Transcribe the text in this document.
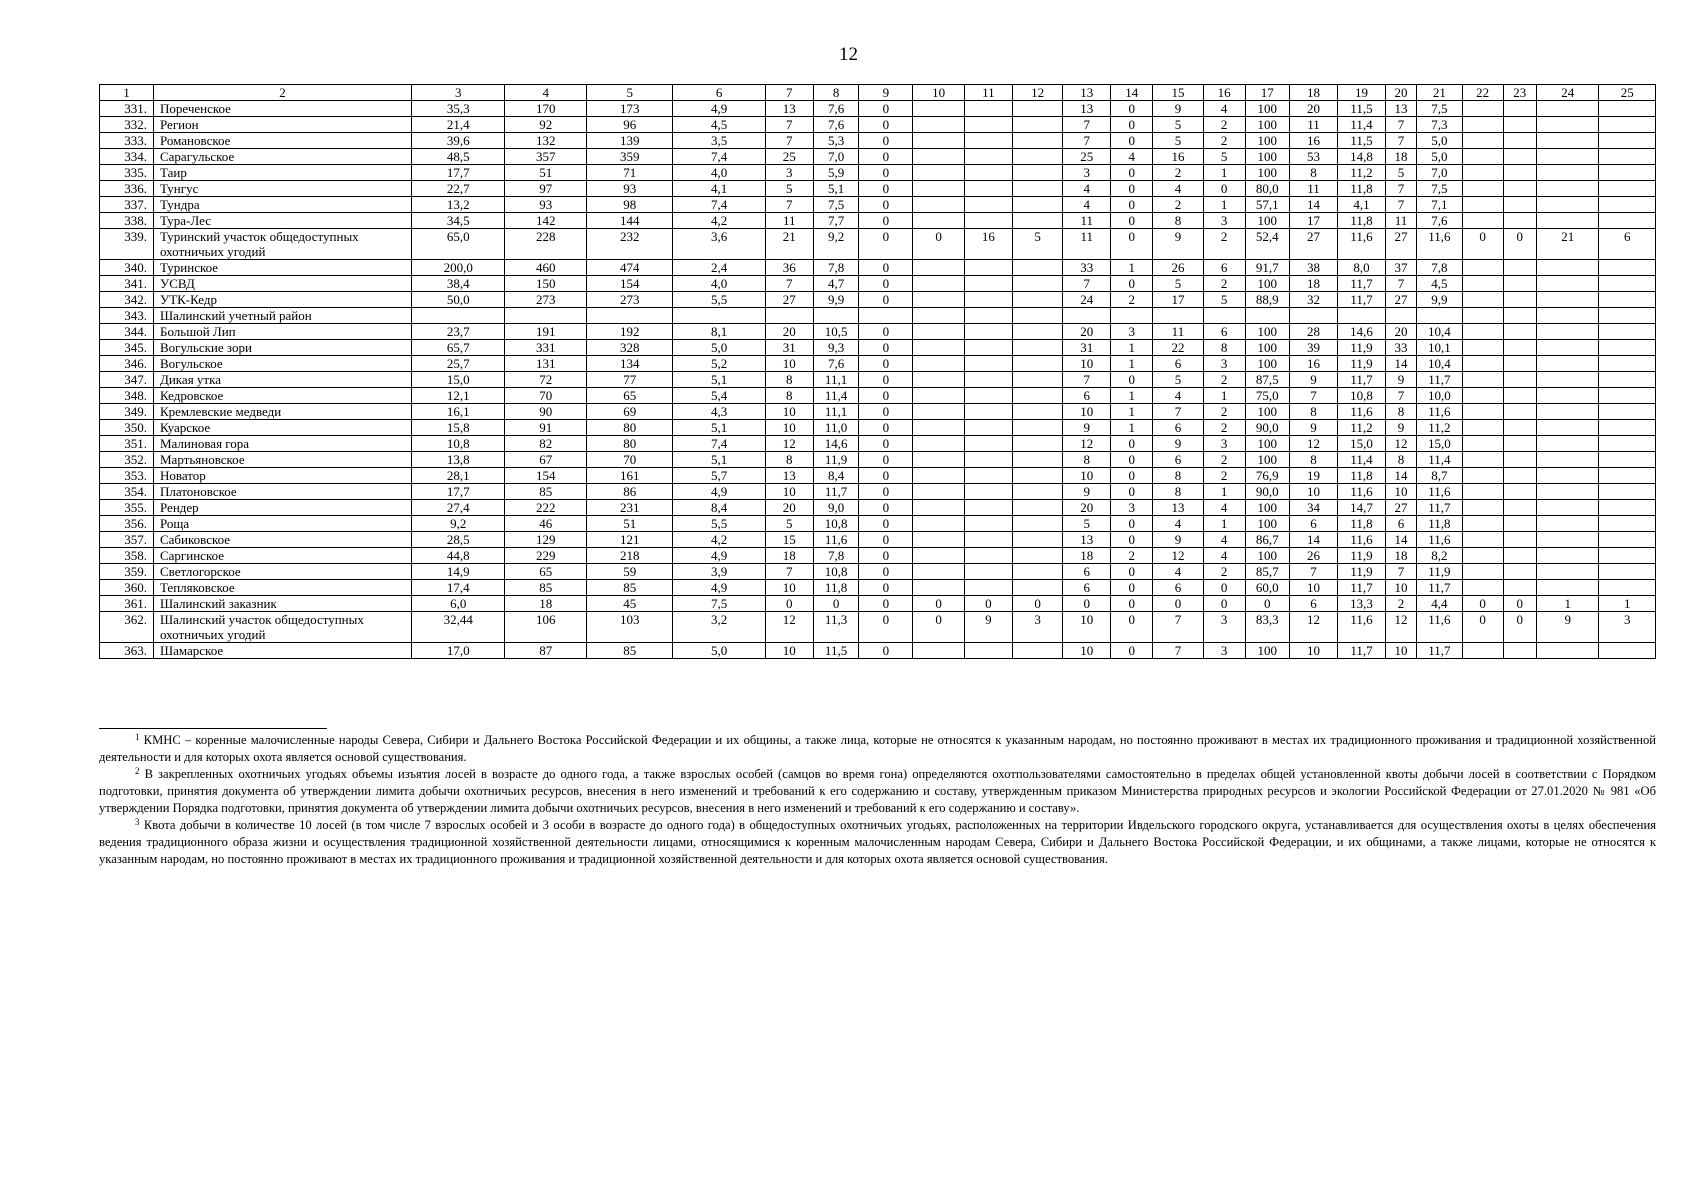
12
1	2	3	4	5	6	7	8	9	10	11	12	13	14	15	16	17	18	19	20	21	22	23	24	25
331.	Пореченское	35,3	170	173	4,9	13	7,6	0				13	0	9	4	100	20	11,5	13	7,5				
332.	Регион	21,4	92	96	4,5	7	7,6	0				7	0	5	2	100	11	11,4	7	7,3				
333.	Романовское	39,6	132	139	3,5	7	5,3	0				7	0	5	2	100	16	11,5	7	5,0				
334.	Сарагульское	48,5	357	359	7,4	25	7,0	0				25	4	16	5	100	53	14,8	18	5,0				
335.	Таир	17,7	51	71	4,0	3	5,9	0				3	0	2	1	100	8	11,2	5	7,0				
336.	Тунгус	22,7	97	93	4,1	5	5,1	0				4	0	4	0	80,0	11	11,8	7	7,5				
337.	Тундра	13,2	93	98	7,4	7	7,5	0				4	0	2	1	57,1	14	4,1	7	7,1				
338.	Тура-Лес	34,5	142	144	4,2	11	7,7	0				11	0	8	3	100	17	11,8	11	7,6				
339.	Туринский участок общедоступных охотничьих угодий	65,0	228	232	3,6	21	9,2	0	0	16	5	11	0	9	2	52,4	27	11,6	27	11,6	0	0	21	6
340.	Туринское	200,0	460	474	2,4	36	7,8	0				33	1	26	6	91,7	38	8,0	37	7,8				
341.	УСВД	38,4	150	154	4,0	7	4,7	0				7	0	5	2	100	18	11,7	7	4,5				
342.	УТК-Кедр	50,0	273	273	5,5	27	9,9	0				24	2	17	5	88,9	32	11,7	27	9,9				
343.	Шалинский учетный район																							
344.	Большой Лип	23,7	191	192	8,1	20	10,5	0				20	3	11	6	100	28	14,6	20	10,4				
345.	Вогульские зори	65,7	331	328	5,0	31	9,3	0				31	1	22	8	100	39	11,9	33	10,1				
346.	Вогульское	25,7	131	134	5,2	10	7,6	0				10	1	6	3	100	16	11,9	14	10,4				
347.	Дикая утка	15,0	72	77	5,1	8	11,1	0				7	0	5	2	87,5	9	11,7	9	11,7				
348.	Кедровское	12,1	70	65	5,4	8	11,4	0				6	1	4	1	75,0	7	10,8	7	10,0				
349.	Кремлевские медведи	16,1	90	69	4,3	10	11,1	0				10	1	7	2	100	8	11,6	8	11,6				
350.	Куарское	15,8	91	80	5,1	10	11,0	0				9	1	6	2	90,0	9	11,2	9	11,2				
351.	Малиновая гора	10,8	82	80	7,4	12	14,6	0				12	0	9	3	100	12	15,0	12	15,0				
352.	Мартьяновское	13,8	67	70	5,1	8	11,9	0				8	0	6	2	100	8	11,4	8	11,4				
353.	Новатор	28,1	154	161	5,7	13	8,4	0				10	0	8	2	76,9	19	11,8	14	8,7				
354.	Платоновское	17,7	85	86	4,9	10	11,7	0				9	0	8	1	90,0	10	11,6	10	11,6				
355.	Рендер	27,4	222	231	8,4	20	9,0	0				20	3	13	4	100	34	14,7	27	11,7				
356.	Роща	9,2	46	51	5,5	5	10,8	0				5	0	4	1	100	6	11,8	6	11,8				
357.	Сабиковское	28,5	129	121	4,2	15	11,6	0				13	0	9	4	86,7	14	11,6	14	11,6				
358.	Саргинское	44,8	229	218	4,9	18	7,8	0				18	2	12	4	100	26	11,9	18	8,2				
359.	Светлогорское	14,9	65	59	3,9	7	10,8	0				6	0	4	2	85,7	7	11,9	7	11,9				
360.	Тепляковское	17,4	85	85	4,9	10	11,8	0				6	0	6	0	60,0	10	11,7	10	11,7				
361.	Шалинский заказник	6,0	18	45	7,5	0	0	0	0	0	0	0	0	0	0	0	6	13,3	2	4,4	0	0	1	1
362.	Шалинский участок общедоступных охотничьих угодий	32,44	106	103	3,2	12	11,3	0	0	9	3	10	0	7	3	83,3	12	11,6	12	11,6	0	0	9	3
363.	Шамарское	17,0	87	85	5,0	10	11,5	0				10	0	7	3	100	10	11,7	10	11,7				

$^1$ КМНС – коренные малочисленные народы Севера, Сибири и Дальнего Востока Российской Федерации и их общины, а также лица, которые не относятся к указанным народам, но постоянно проживают в местах их традиционного проживания и традиционной хозяйственной деятельности и для которых охота является основой существования.

$^2$ В закрепленных охотничьих угодьях объемы изъятия лосей в возрасте до одного года, а также взрослых особей (самцов во время гона) определяются охотпользователями самостоятельно в пределах общей установленной квоты добычи лосей в соответствии с Порядком подготовки, принятия документа об утверждении лимита добычи охотничьих ресурсов, внесения в него изменений и требований к его содержанию и составу, утвержденным приказом Министерства природных ресурсов и экологии Российской Федерации от 27.01.2020 № 981 «Об утверждении Порядка подготовки, принятия документа об утверждении лимита добычи охотничьих ресурсов, внесения в него изменений и требований к его содержанию и составу».

$^3$ Квота добычи в количестве 10 лосей (в том числе 7 взрослых особей и 3 особи в возрасте до одного года) в общедоступных охотничьих угодьях, расположенных на территории Ивдельского городского округа, устанавливается для осуществления охоты в целях обеспечения ведения традиционного образа жизни и осуществления традиционной хозяйственной деятельности лицами, относящимися к коренным малочисленным народам Севера, Сибири и Дальнего Востока Российской Федерации, и их общинами, а также лицами, которые не относятся к указанным народам, но постоянно проживают в местах их традиционного проживания и традиционной хозяйственной деятельности и для которых охота является основой существования.
